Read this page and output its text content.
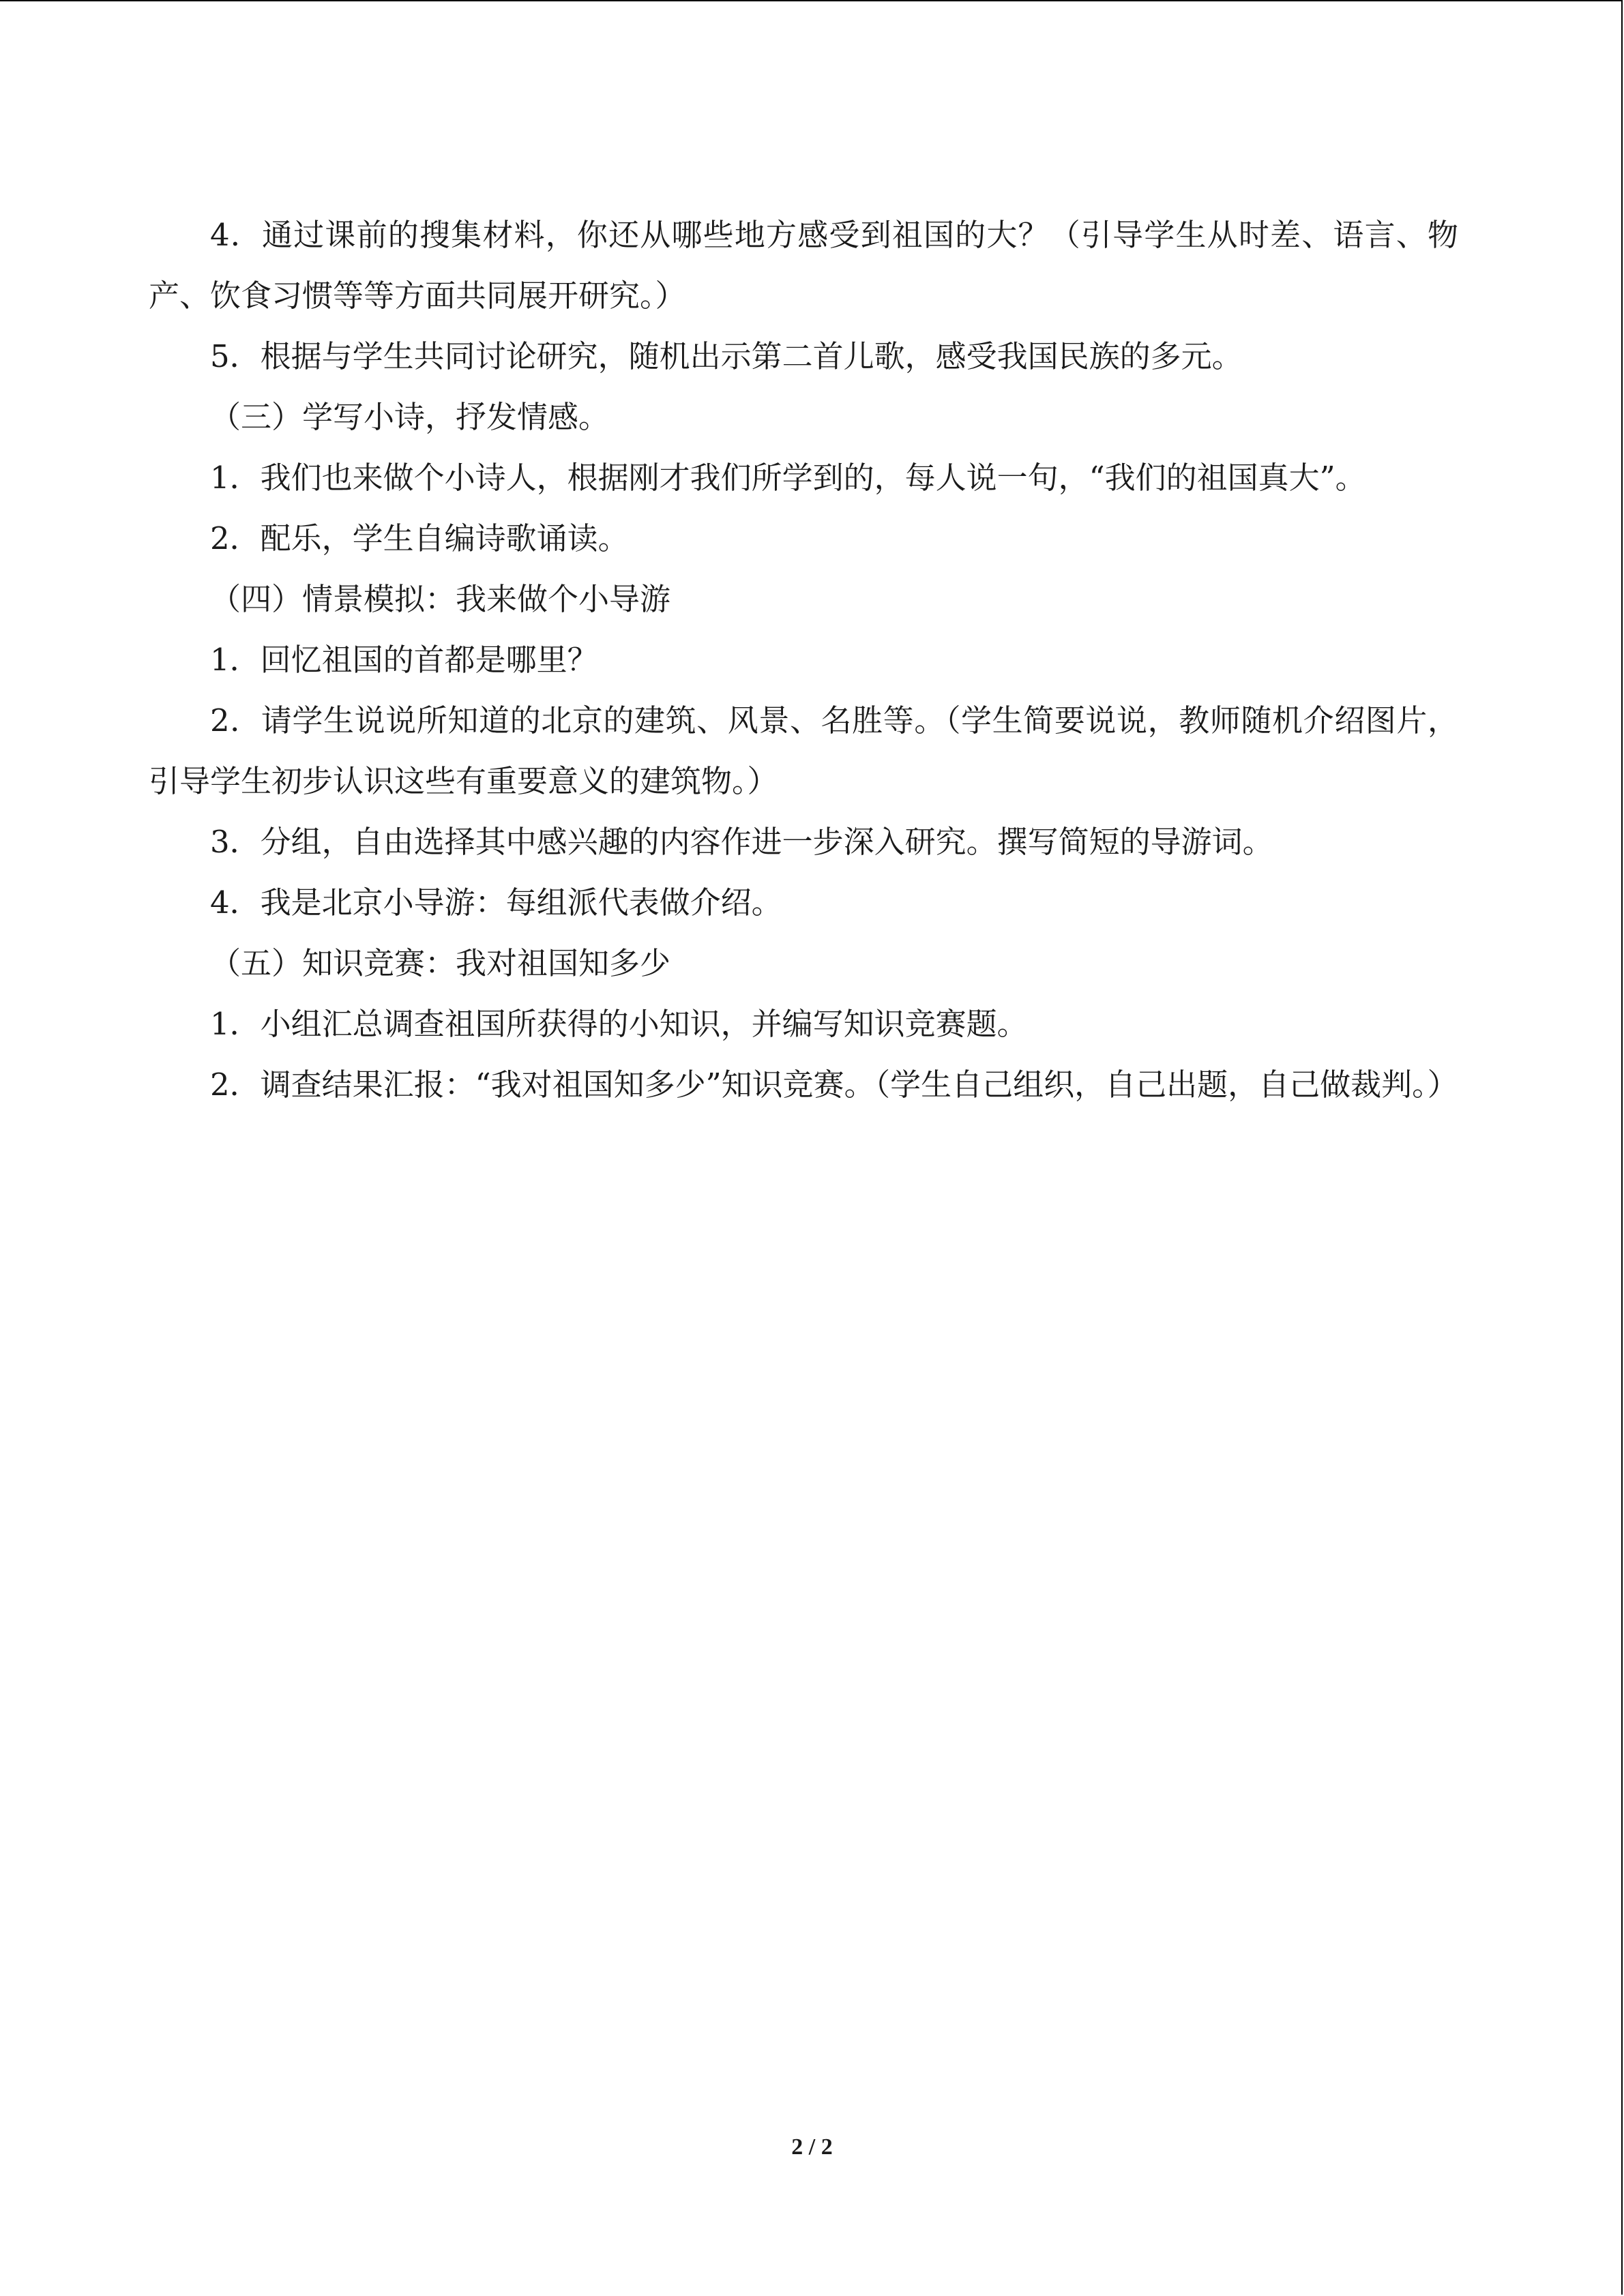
4．通过课前的搜集材料，你还从哪些地方感受到祖国的大？（引导学生从时差、语言、物产、饮食习惯等等方面共同展开研究。）

5．根据与学生共同讨论研究，随机出示第二首儿歌，感受我国民族的多元。

（三）学写小诗，抒发情感。

1．我们也来做个小诗人，根据刚才我们所学到的，每人说一句，“我们的祖国真大”。

2．配乐，学生自编诗歌诵读。

（四）情景模拟：我来做个小导游

1．回忆祖国的首都是哪里？

2．请学生说说所知道的北京的建筑、风景、名胜等。（学生简要说说，教师随机介绍图片，引导学生初步认识这些有重要意义的建筑物。）

3．分组，自由选择其中感兴趣的内容作进一步深入研究。撰写简短的导游词。

4．我是北京小导游：每组派代表做介绍。

（五）知识竞赛：我对祖国知多少

1．小组汇总调查祖国所获得的小知识，并编写知识竞赛题。

2．调查结果汇报：“我对祖国知多少”知识竞赛。（学生自己组织，自己出题，自己做裁判。）

2 / 2
